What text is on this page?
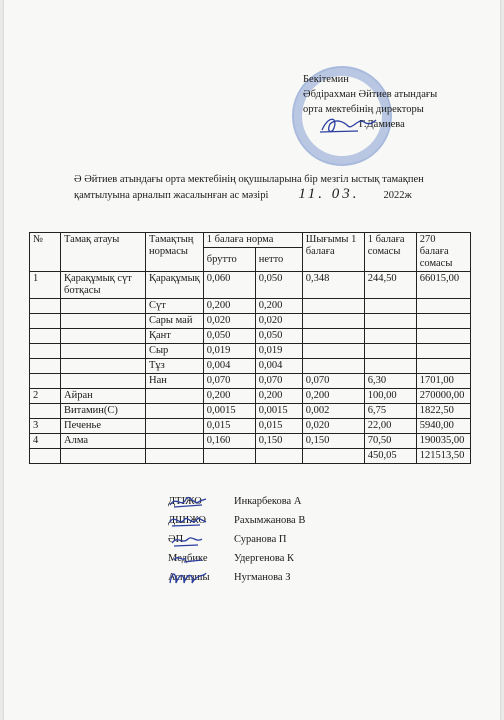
Бекітемин
Әбдірахман Әйтиев атындағы
орта мектебінің директоры
Г.Дамиева
Ә Әйтиев атындағы орта мектебінің оқушыларына бір мезгіл ыстық тамақпен
қамтылуына арналып жасалынған ас мәзірі 11. 03. 2022ж
№	Тамақ атауы	Тамақтың нормасы	1 балаға норма		Шығымы 1 балаға	1 балаға сомасы	270 балаға сомасы
			брутто	нетто			
1	Қарақұмық сүт ботқасы	Қарақұмық	0,060	0,050	0,348	244,50	66015,00
		Сүт	0,200	0,200			
		Сары май	0,020	0,020			
		Қант	0,050	0,050			
		Сыр	0,019	0,019			
		Тұз	0,004	0,004			
		Нан	0,070	0,070	0,070	6,30	1701,00
2	Айран		0,200	0,200	0,200	100,00	270000,00
	Витамин(С)		0,0015	0,0015	0,002	6,75	1822,50
3	Печенье		0,015	0,015	0,020	22,00	5940,00
4	Алма		0,160	0,150	0,150	70,50	190035,00
						450,05	121513,50
ДТІЖО	Инкарбекова А
ДШІЖО	Рахымжанова В
ӘП	Суранова П
Медбике	Удергенова К
Аспазшы	Нугманова З
